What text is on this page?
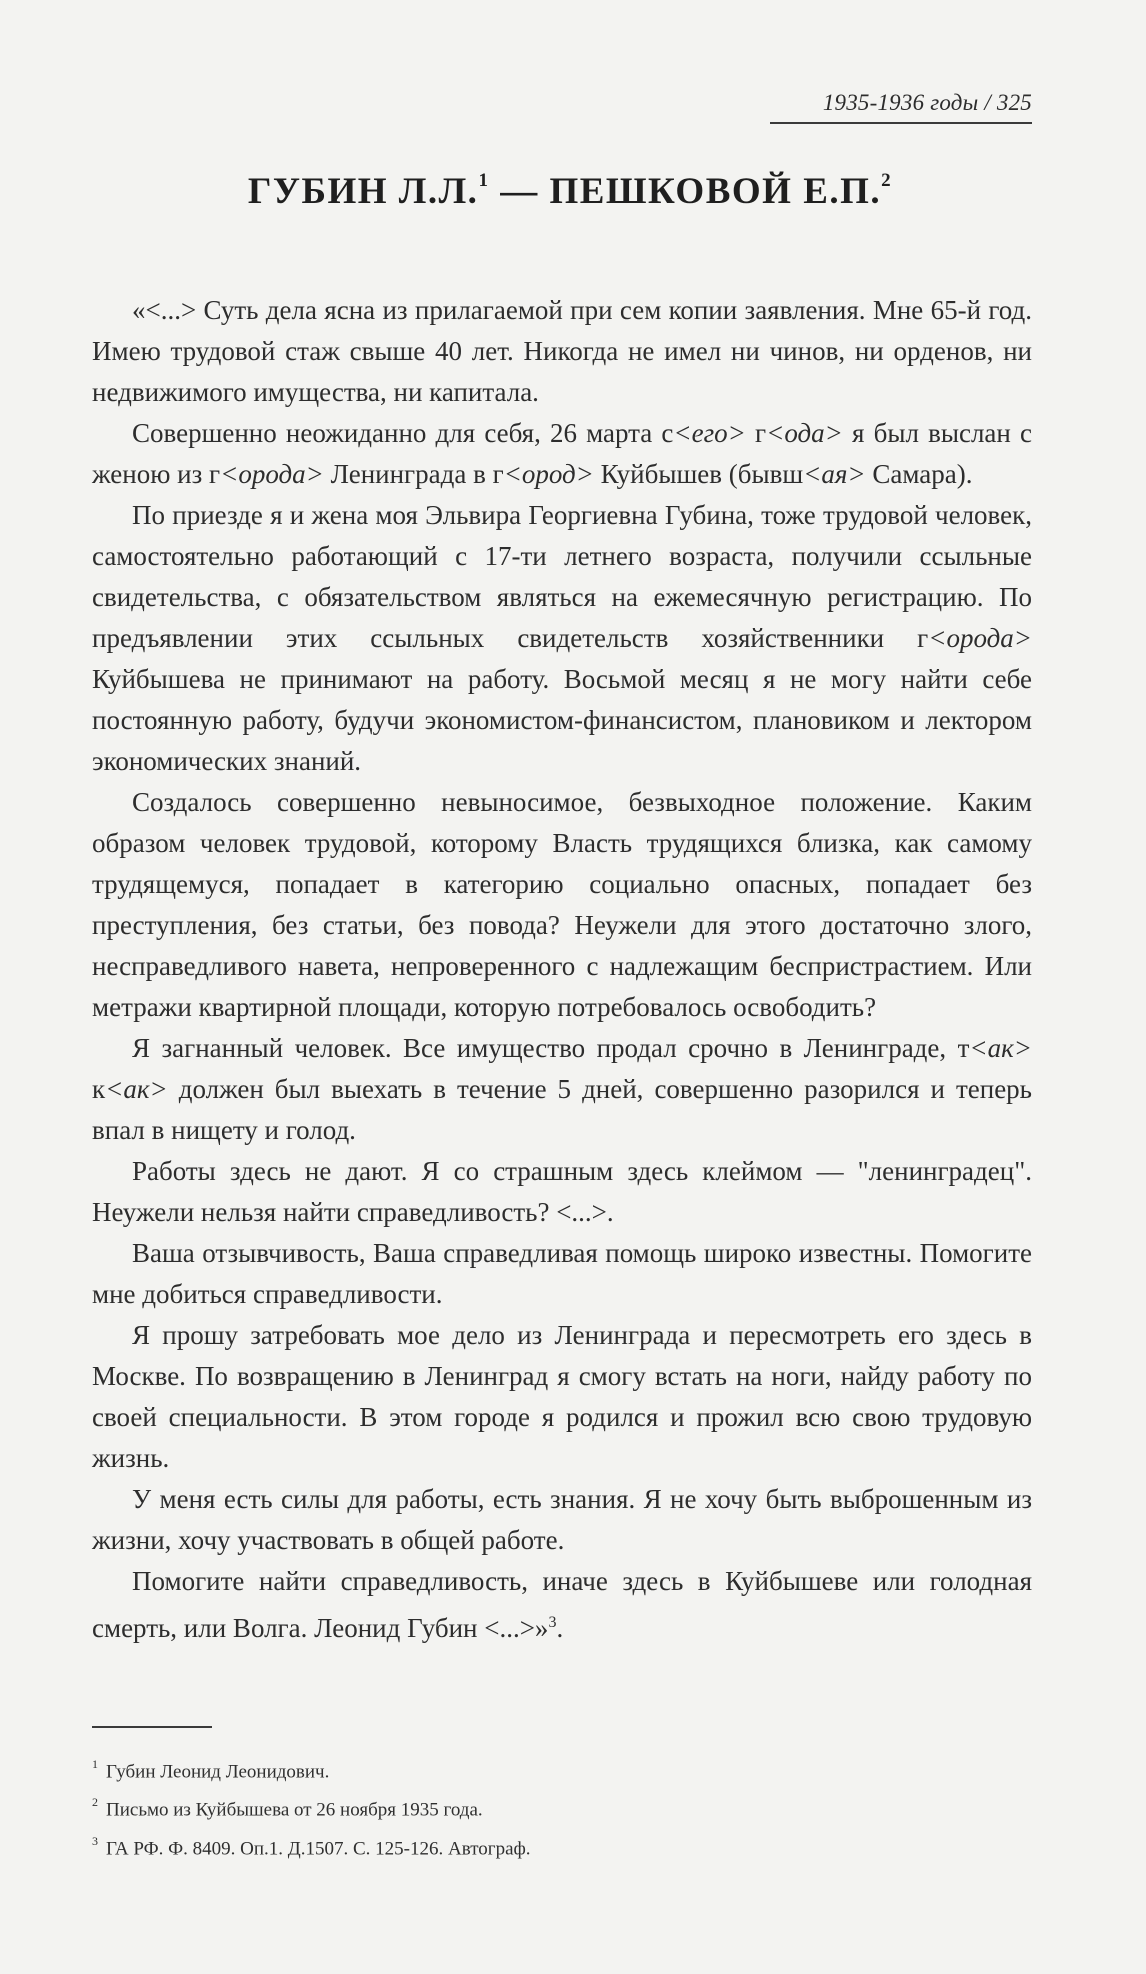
1935-1936 годы / 325
ГУБИН Л.Л.$^1$ — ПЕШКОВОЙ Е.П.$^2$

«<...> Суть дела ясна из прилагаемой при сем копии заявления. Мне 65-й год. Имею трудовой стаж свыше 40 лет. Никогда не имел ни чинов, ни орденов, ни недвижимого имущества, ни капитала.

Совершенно неожиданно для себя, 26 марта с<его> г<ода> я был выслан с женою из г<орода> Ленинграда в г<ород> Куйбышев (бывш<ая> Самара).

По приезде я и жена моя Эльвира Георгиевна Губина, тоже трудовой человек, самостоятельно работающий с 17-ти летнего возраста, получили ссыльные свидетельства, с обязательством являться на ежемесячную регистрацию. По предъявлении этих ссыльных свидетельств хозяйственники г<орода> Куйбышева не принимают на работу. Восьмой месяц я не могу найти себе постоянную работу, будучи экономистом-финансистом, плановиком и лектором экономических знаний.

Создалось совершенно невыносимое, безвыходное положение. Каким образом человек трудовой, которому Власть трудящихся близка, как самому трудящемуся, попадает в категорию социально опасных, попадает без преступления, без статьи, без повода? Неужели для этого достаточно злого, несправедливого навета, непроверенного с надлежащим беспристрастием. Или метражи квартирной площади, которую потребовалось освободить?

Я загнанный человек. Все имущество продал срочно в Ленинграде, т<ак> к<ак> должен был выехать в течение 5 дней, совершенно разорился и теперь впал в нищету и голод.

Работы здесь не дают. Я со страшным здесь клеймом — "ленинградец". Неужели нельзя найти справедливость? <...>.

Ваша отзывчивость, Ваша справедливая помощь широко известны. Помогите мне добиться справедливости.

Я прошу затребовать мое дело из Ленинграда и пересмотреть его здесь в Москве. По возвращению в Ленинград я смогу встать на ноги, найду работу по своей специальности. В этом городе я родился и прожил всю свою трудовую жизнь.

У меня есть силы для работы, есть знания. Я не хочу быть выброшенным из жизни, хочу участвовать в общей работе.

Помогите найти справедливость, иначе здесь в Куйбышеве или голодная смерть, или Волга. Леонид Губин <...>»$^3$.

$^1$ Губин Леонид Леонидович.

$^2$ Письмо из Куйбышева от 26 ноября 1935 года.

$^3$ ГА РФ. Ф. 8409. Оп.1. Д.1507. С. 125-126. Автограф.
